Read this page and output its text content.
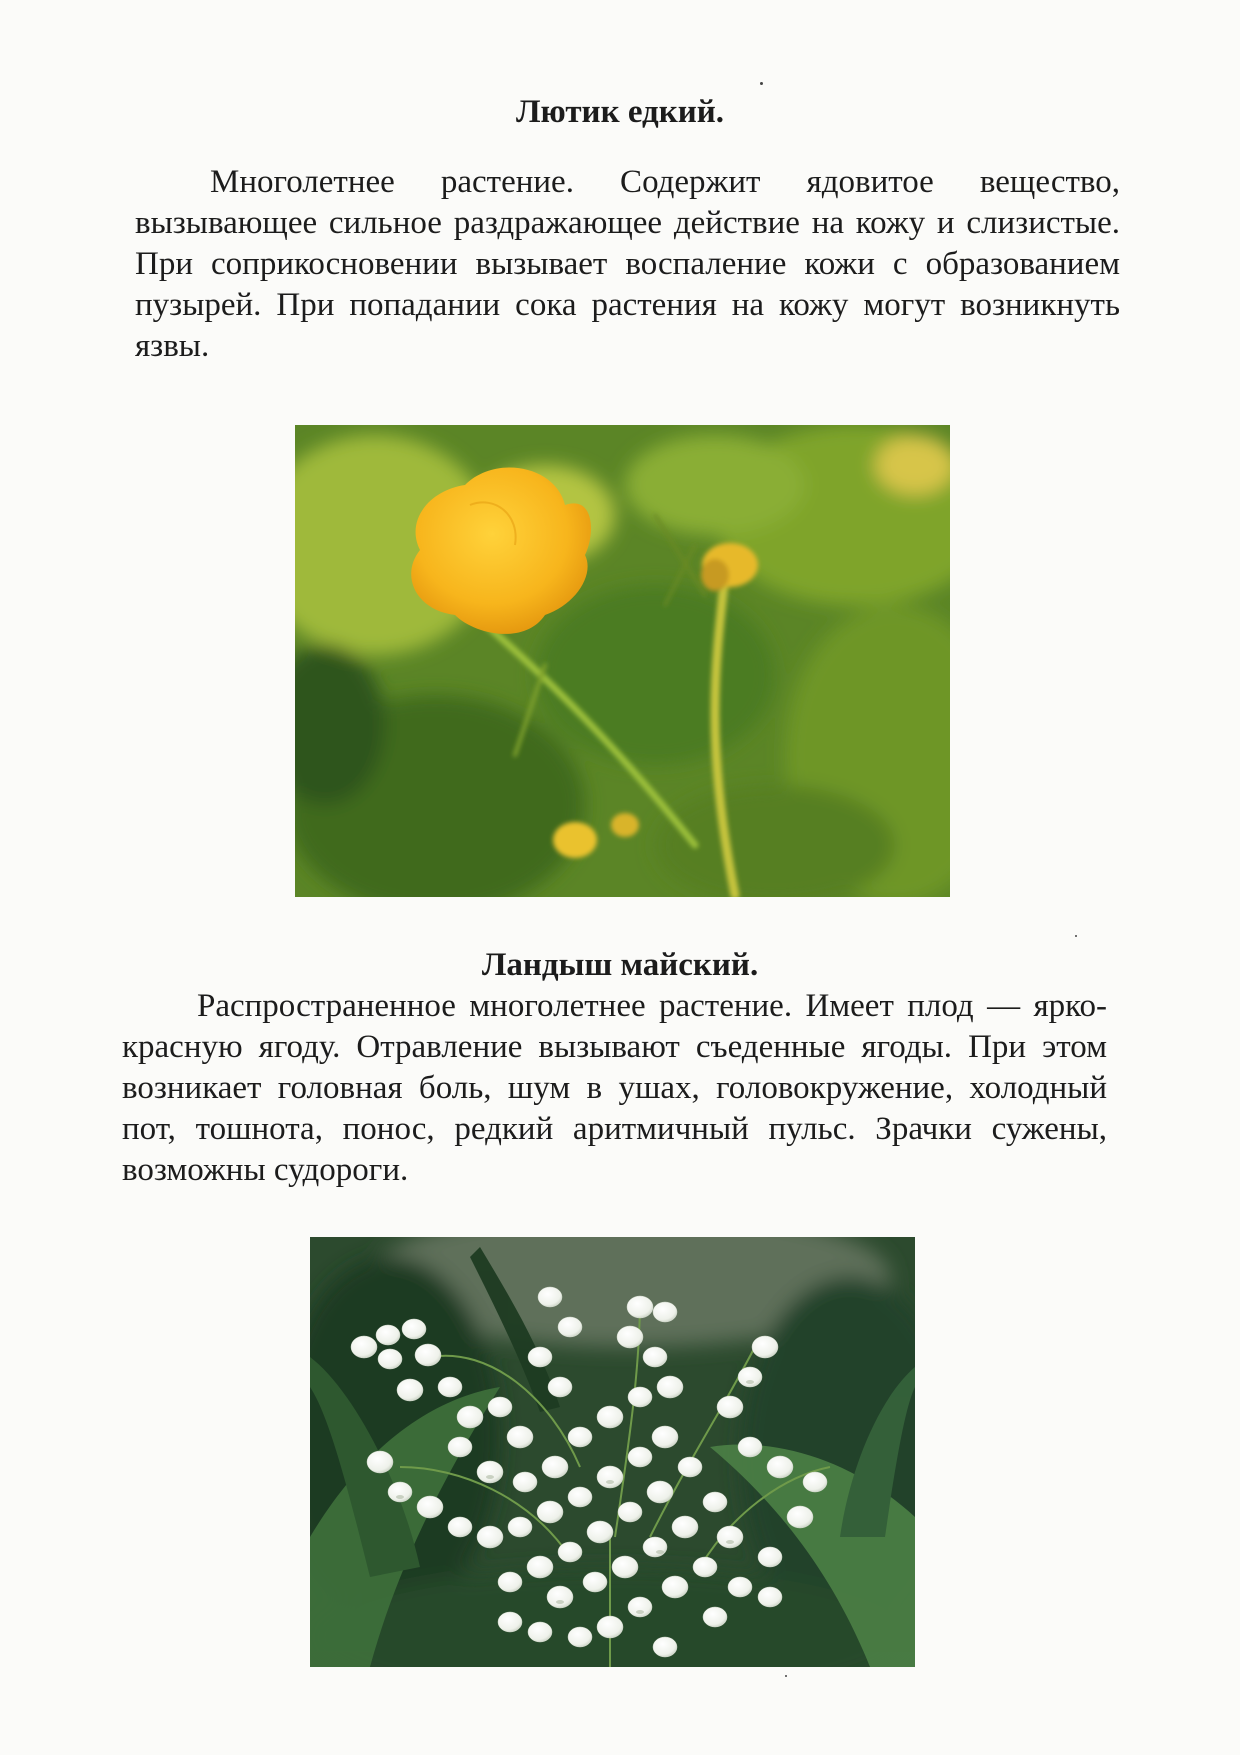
Лютик едкий.

Многолетнее растение. Содержит ядовитое вещество, вызывающее сильное раздражающее действие на кожу и слизистые. При соприкосновении вызывает воспаление кожи с образованием пузырей. При попадании сока растения на кожу могут возникнуть язвы.

Ландыш майский.

Распространенное многолетнее растение. Имеет плод — ярко-красную ягоду. Отравление вызывают съеденные ягоды. При этом возникает головная боль, шум в ушах, головокружение, холодный пот, тошнота, понос, редкий аритмичный пульс. Зрачки сужены, возможны судороги.
